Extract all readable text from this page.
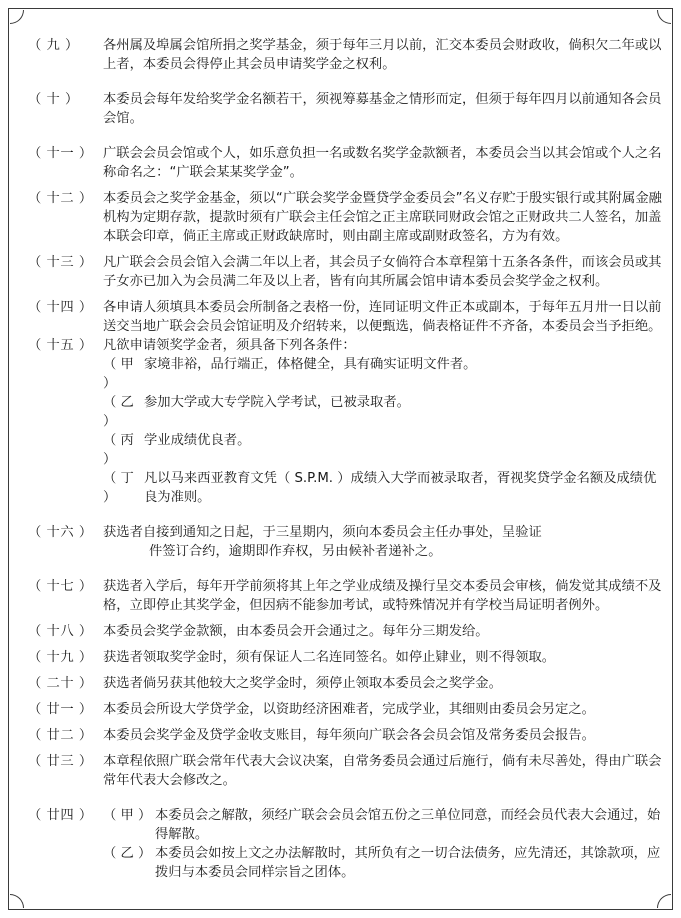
（ 九 ）	各州属及埠属会馆所捐之奖学基金，须于每年三月以前，汇交本委员会财政收，倘积欠二年或以上者，本委员会得停止其会员申请奖学金之权利。
（ 十 ）	本委员会每年发给奖学金名额若干，须视筹募基金之情形而定，但须于每年四月以前通知各会员会馆。
（ 十一 ） 广联会会员会馆或个人，如乐意负担一名或数名奖学金款额者，本委员会当以其会馆或个人之名称命名之：“广联会某某奖学金”。
（ 十二 ） 本委员会之奖学金基金，须以“广联会奖学金暨贷学金委员会”名义存贮于殷实银行或其附属金融机构为定期存款，提款时须有广联会主任会馆之正主席联同财政会馆之正财政共二人签名，加盖本联会印章，倘正主席或正财政缺席时，则由副主席或副财政签名，方为有效。
（ 十三 ） 凡广联会会员会馆入会满二年以上者，其会员子女倘符合本章程第十五条各条件，而该会员或其子女亦已加入为会员满二年及以上者，皆有向其所属会馆申请本委员会奖学金之权利。
（ 十四 ） 各申请人须填具本委员会所制备之表格一份，连同证明文件正本或副本，于每年五月卅一日以前送交当地广联会会员会馆证明及介绍转来，以便甄选，倘表格证件不齐备，本委员会当予拒绝。
（ 十五 ） 凡欲申请领奖学金者，须具备下列各条件：
（ 甲 ）
家境非裕，品行端正，体格健全，具有确实证明文件者。
（ 乙 ）
参加大学或大专学院入学考试，已被录取者。
（ 丙 ）
学业成绩优良者。
（ 丁 ）
凡以马来西亚教育文凭（ S.P.M. ）成绩入大学而被录取者，胥视奖贷学金名额及成绩优良为准则。
（ 十六 ） 获选者自接到通知之日起，于三星期内，须向本委员会主任办事处，呈验证
件签订合约，逾期即作弃权，另由候补者递补之。
（ 十七 ） 获选者入学后，每年开学前须将其上年之学业成绩及操行呈交本委员会审核，倘发觉其成绩不及格，立即停止其奖学金，但因病不能参加考试，或特殊情况并有学校当局证明者例外。
（ 十八 ） 本委员会奖学金款额，由本委员会开会通过之。每年分三期发给。
（ 十九 ） 获选者领取奖学金时，须有保证人二名连同签名。如停止肄业，则不得领取。
（ 二十 ） 获选者倘另获其他较大之奖学金时，须停止领取本委员会之奖学金。
（ 廿一 ） 本委员会所设大学贷学金，以资助经济困难者，完成学业，其细则由委员会另定之。
（ 廿二 ） 本委员会奖学金及贷学金收支账目，每年须向广联会各会员会馆及常务委员会报告。
（ 廿三 ） 本章程依照广联会常年代表大会议决案，自常务委员会通过后施行，倘有未尽善处，得由广联会常年代表大会修改之。
（ 廿四 ） （ 甲 ） 本委员会之解散，须经广联会会员会馆五份之三单位同意，而经会员代表大会通过，始得解散。
（ 乙 ） 本委员会如按上文之办法解散时，其所负有之一切合法债务，应先清还，其馀款项，应拨归与本委员会同样宗旨之团体。
